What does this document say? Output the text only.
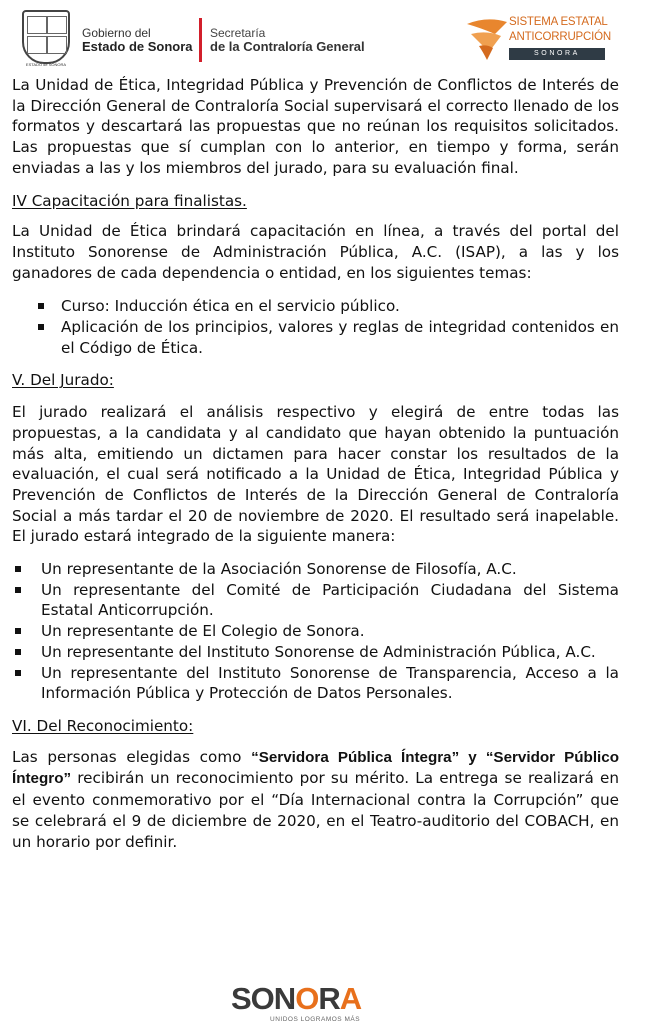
ESTADO de SONORA
Gobierno del
Estado de Sonora
Secretaría
de la Contraloría General
SISTEMA ESTATAL
ANTICORRUPCIÓN
SONORA

La Unidad de Ética, Integridad Pública y Prevención de Conflictos de Interés de la Dirección General de Contraloría Social supervisará el correcto llenado de los formatos y descartará las propuestas que no reúnan los requisitos solicitados. Las propuestas que sí cumplan con lo anterior, en tiempo y forma, serán enviadas a las y los miembros del jurado, para su evaluación final.

IV Capacitación para finalistas.

La Unidad de Ética brindará capacitación en línea, a través del portal del Instituto Sonorense de Administración Pública, A.C. (ISAP), a las y los ganadores de cada dependencia o entidad, en los siguientes temas:

Curso: Inducción ética en el servicio público.
Aplicación de los principios, valores y reglas de integridad contenidos en el Código de Ética.
V. Del Jurado:

El jurado realizará el análisis respectivo y elegirá de entre todas las propuestas, a la candidata y al candidato que hayan obtenido la puntuación más alta, emitiendo un dictamen para hacer constar los resultados de la evaluación, el cual será notificado a la Unidad de Ética, Integridad Pública y Prevención de Conflictos de Interés de la Dirección General de Contraloría Social a más tardar el 20 de noviembre de 2020. El resultado será inapelable. El jurado estará integrado de la siguiente manera:

Un representante de la Asociación Sonorense de Filosofía, A.C.
Un representante del Comité de Participación Ciudadana del Sistema Estatal Anticorrupción.
Un representante de El Colegio de Sonora.
Un representante del Instituto Sonorense de Administración Pública, A.C.
Un representante del Instituto Sonorense de Transparencia, Acceso a la Información Pública y Protección de Datos Personales.
VI. Del Reconocimiento:

Las personas elegidas como “Servidora Pública Íntegra” y “Servidor Público Íntegro” recibirán un reconocimiento por su mérito. La entrega se realizará en el evento conmemorativo por el “Día Internacional contra la Corrupción” que se celebrará el 9 de diciembre de 2020, en el Teatro-auditorio del COBACH, en un horario por definir.

SONORA
UNIDOS LOGRAMOS MÁS
